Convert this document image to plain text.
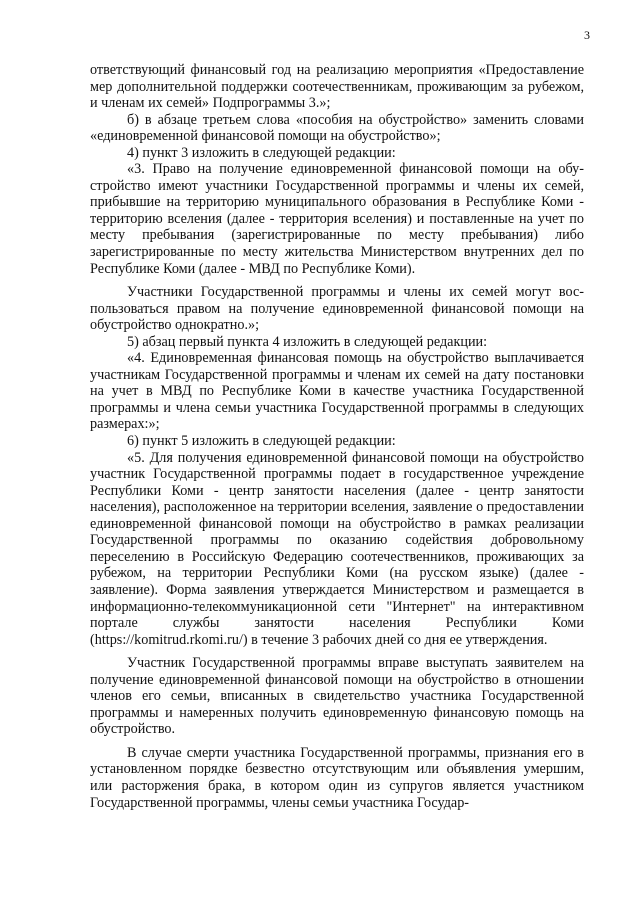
3

ответствующий финансовый год на реализацию мероприятия «Предоставление мер дополнительной поддержки соотечественникам, проживающим за рубежом, и членам их семей» Подпрограммы 3.»;

б) в абзаце третьем слова «пособия на обустройство» заменить словами «единовременной финансовой помощи на обустройство»;

4) пункт 3 изложить в следующей редакции:

«3. Право на получение единовременной финансовой помощи на обустройство имеют участники Государственной программы и члены их семей, прибывшие на территорию муниципального образования в Республике Коми - территорию вселения (далее - территория вселения) и поставленные на учет по месту пребывания (зарегистрированные по месту пребывания) либо зарегистрированные по месту жительства Министерством внутренних дел по Республике Коми (далее - МВД по Республике Коми).

Участники Государственной программы и члены их семей могут воспользоваться правом на получение единовременной финансовой помощи на обустройство однократно.»;

5) абзац первый пункта 4 изложить в следующей редакции:

«4. Единовременная финансовая помощь на обустройство выплачивается участникам Государственной программы и членам их семей на дату постановки на учет в МВД по Республике Коми в качестве участника Государственной программы и члена семьи участника Государственной программы в следующих размерах:»;

6) пункт 5 изложить в следующей редакции:

«5. Для получения единовременной финансовой помощи на обустройство участник Государственной программы подает в государственное учреждение Республики Коми - центр занятости населения (далее - центр занятости населения), расположенное на территории вселения, заявление о предоставлении единовременной финансовой помощи на обустройство в рамках реализации Государственной программы по оказанию содействия добровольному переселению в Российскую Федерацию соотечественников, проживающих за рубежом, на территории Республики Коми (на русском языке) (далее - заявление). Форма заявления утверждается Министерством и размещается в информационно-телекоммуникационной сети "Интернет" на интерактивном портале службы занятости населения Республики Коми (https://komitrud.rkomi.ru/) в течение 3 рабочих дней со дня ее утверждения.

Участник Государственной программы вправе выступать заявителем на получение единовременной финансовой помощи на обустройство в отношении членов его семьи, вписанных в свидетельство участника Государственной программы и намеренных получить единовременную финансовую помощь на обустройство.

В случае смерти участника Государственной программы, признания его в установленном порядке безвестно отсутствующим или объявления умершим, или расторжения брака, в котором один из супругов является участником Государственной программы, члены семьи участника Государ-
